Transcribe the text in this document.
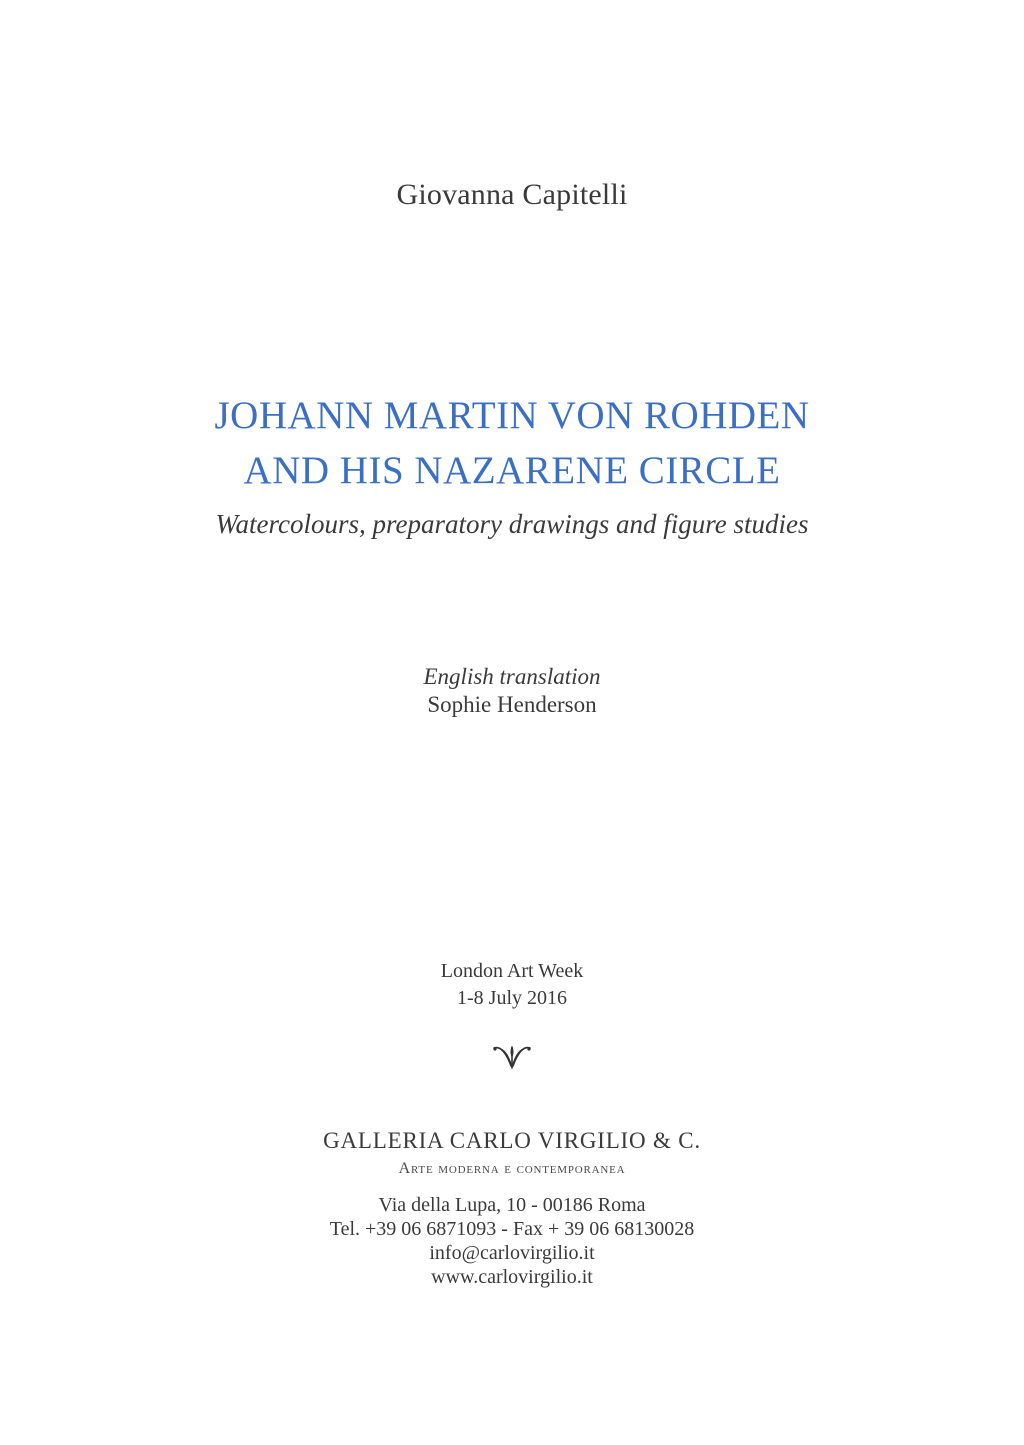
Giovanna Capitelli
JOHANN MARTIN VON ROHDEN
AND HIS NAZARENE CIRCLE
Watercolours, preparatory drawings and figure studies
English translation
Sophie Henderson
London Art Week
1-8 July 2016
GALLERIA CARLO VIRGILIO & C.
Arte moderna e contemporanea
Via della Lupa, 10 - 00186 Roma
Tel. +39 06 6871093 - Fax + 39 06 68130028
info@carlovirgilio.it
www.carlovirgilio.it
